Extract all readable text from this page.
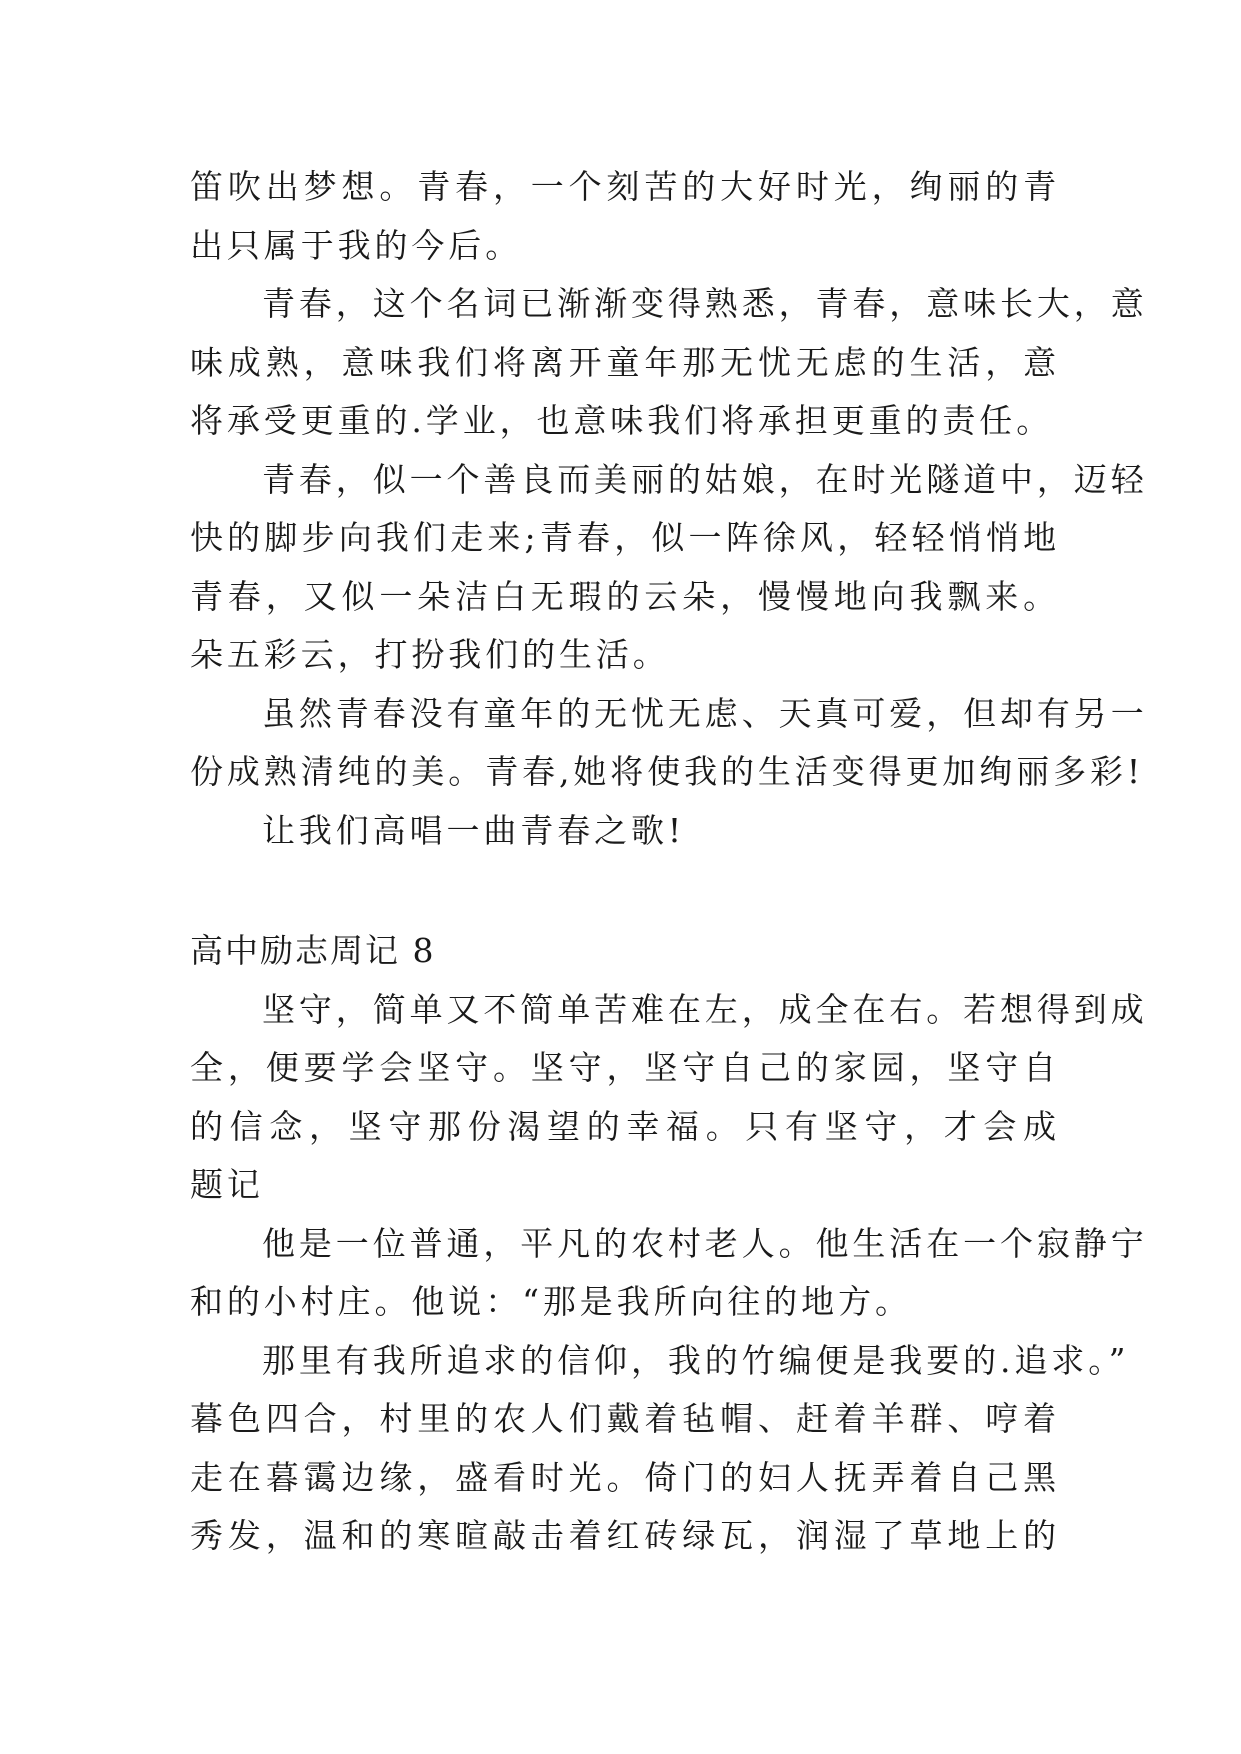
笛吹出梦想。青春，一个刻苦的大好时光，绚丽的青
出只属于我的今后。
青春，这个名词已渐渐变得熟悉，青春，意味长大，意
味成熟，意味我们将离开童年那无忧无虑的生活，意
将承受更重的.学业，也意味我们将承担更重的责任。
青春，似一个善良而美丽的姑娘，在时光隧道中，迈轻
快的脚步向我们走来;青春，似一阵徐风，轻轻悄悄地
青春，又似一朵洁白无瑕的云朵，慢慢地向我飘来。
朵五彩云，打扮我们的生活。
虽然青春没有童年的无忧无虑、天真可爱，但却有另一
份成熟清纯的美。青春,她将使我的生活变得更加绚丽多彩!
让我们高唱一曲青春之歌!
高中励志周记 8
坚守，简单又不简单苦难在左，成全在右。若想得到成
全，便要学会坚守。坚守，坚守自己的家园，坚守自
的信念，坚守那份渴望的幸福。只有坚守，才会成
题记
他是一位普通，平凡的农村老人。他生活在一个寂静宁
和的小村庄。他说：“那是我所向往的地方。
那里有我所追求的信仰，我的竹编便是我要的.追求。”
暮色四合，村里的农人们戴着毡帽、赶着羊群、哼着
走在暮霭边缘，盛看时光。倚门的妇人抚弄着自己黑
秀发，温和的寒暄敲击着红砖绿瓦，润湿了草地上的
